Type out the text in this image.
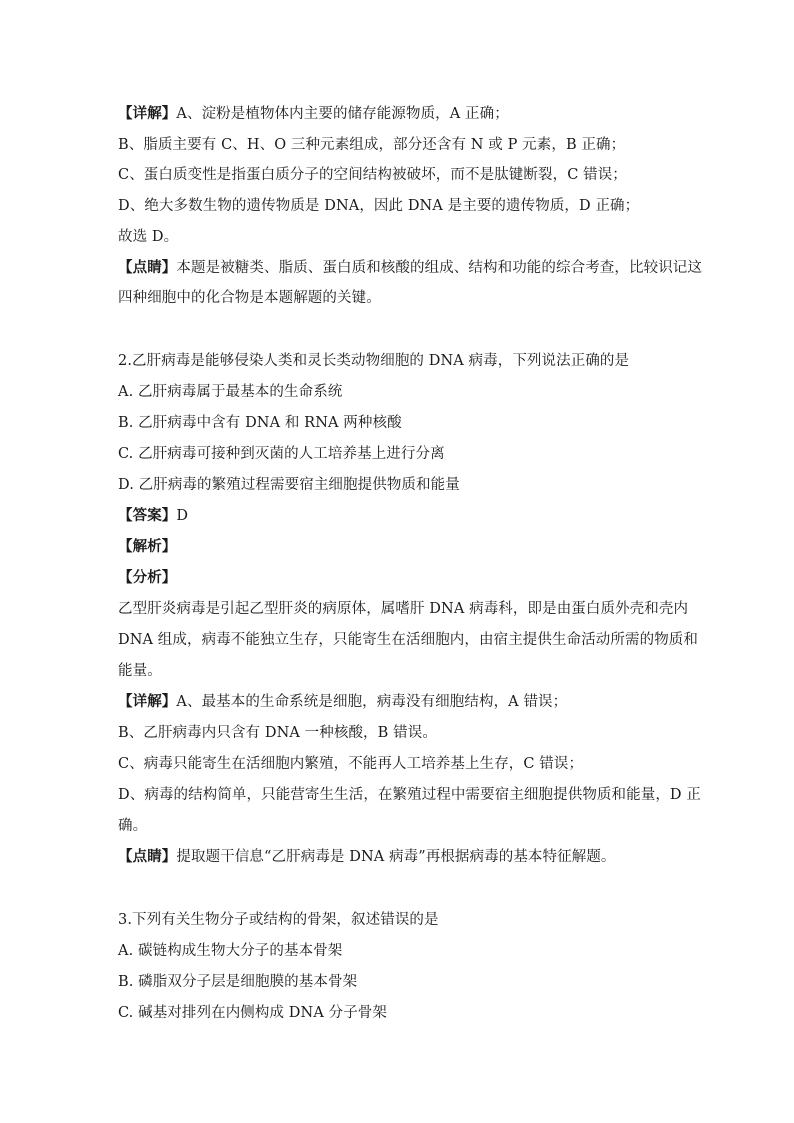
【详解】A、淀粉是植物体内主要的储存能源物质，A 正确；
B、脂质主要有 C、H、O 三种元素组成，部分还含有 N 或 P 元素，B 正确；
C、蛋白质变性是指蛋白质分子的空间结构被破坏，而不是肽键断裂，C 错误；
D、绝大多数生物的遗传物质是 DNA，因此 DNA 是主要的遗传物质，D 正确；
故选 D。
【点睛】本题是被糖类、脂质、蛋白质和核酸的组成、结构和功能的综合考查，比较识记这
四种细胞中的化合物是本题解题的关键。
2.乙肝病毒是能够侵染人类和灵长类动物细胞的 DNA 病毒，下列说法正确的是
A. 乙肝病毒属于最基本的生命系统
B. 乙肝病毒中含有 DNA 和 RNA 两种核酸
C. 乙肝病毒可接种到灭菌的人工培养基上进行分离
D. 乙肝病毒的繁殖过程需要宿主细胞提供物质和能量
【答案】D
【解析】
【分析】
乙型肝炎病毒是引起乙型肝炎的病原体，属嗜肝 DNA 病毒科，即是由蛋白质外壳和壳内
DNA 组成，病毒不能独立生存，只能寄生在活细胞内，由宿主提供生命活动所需的物质和
能量。
【详解】A、最基本的生命系统是细胞，病毒没有细胞结构，A 错误；
B、乙肝病毒内只含有 DNA 一种核酸，B 错误。
C、病毒只能寄生在活细胞内繁殖，不能再人工培养基上生存，C 错误；
D、病毒的结构简单，只能营寄生生活，在繁殖过程中需要宿主细胞提供物质和能量，D 正
确。
【点睛】提取题干信息“乙肝病毒是 DNA 病毒”再根据病毒的基本特征解题。
3.下列有关生物分子或结构的骨架，叙述错误的是
A. 碳链构成生物大分子的基本骨架
B. 磷脂双分子层是细胞膜的基本骨架
C. 碱基对排列在内侧构成 DNA 分子骨架
